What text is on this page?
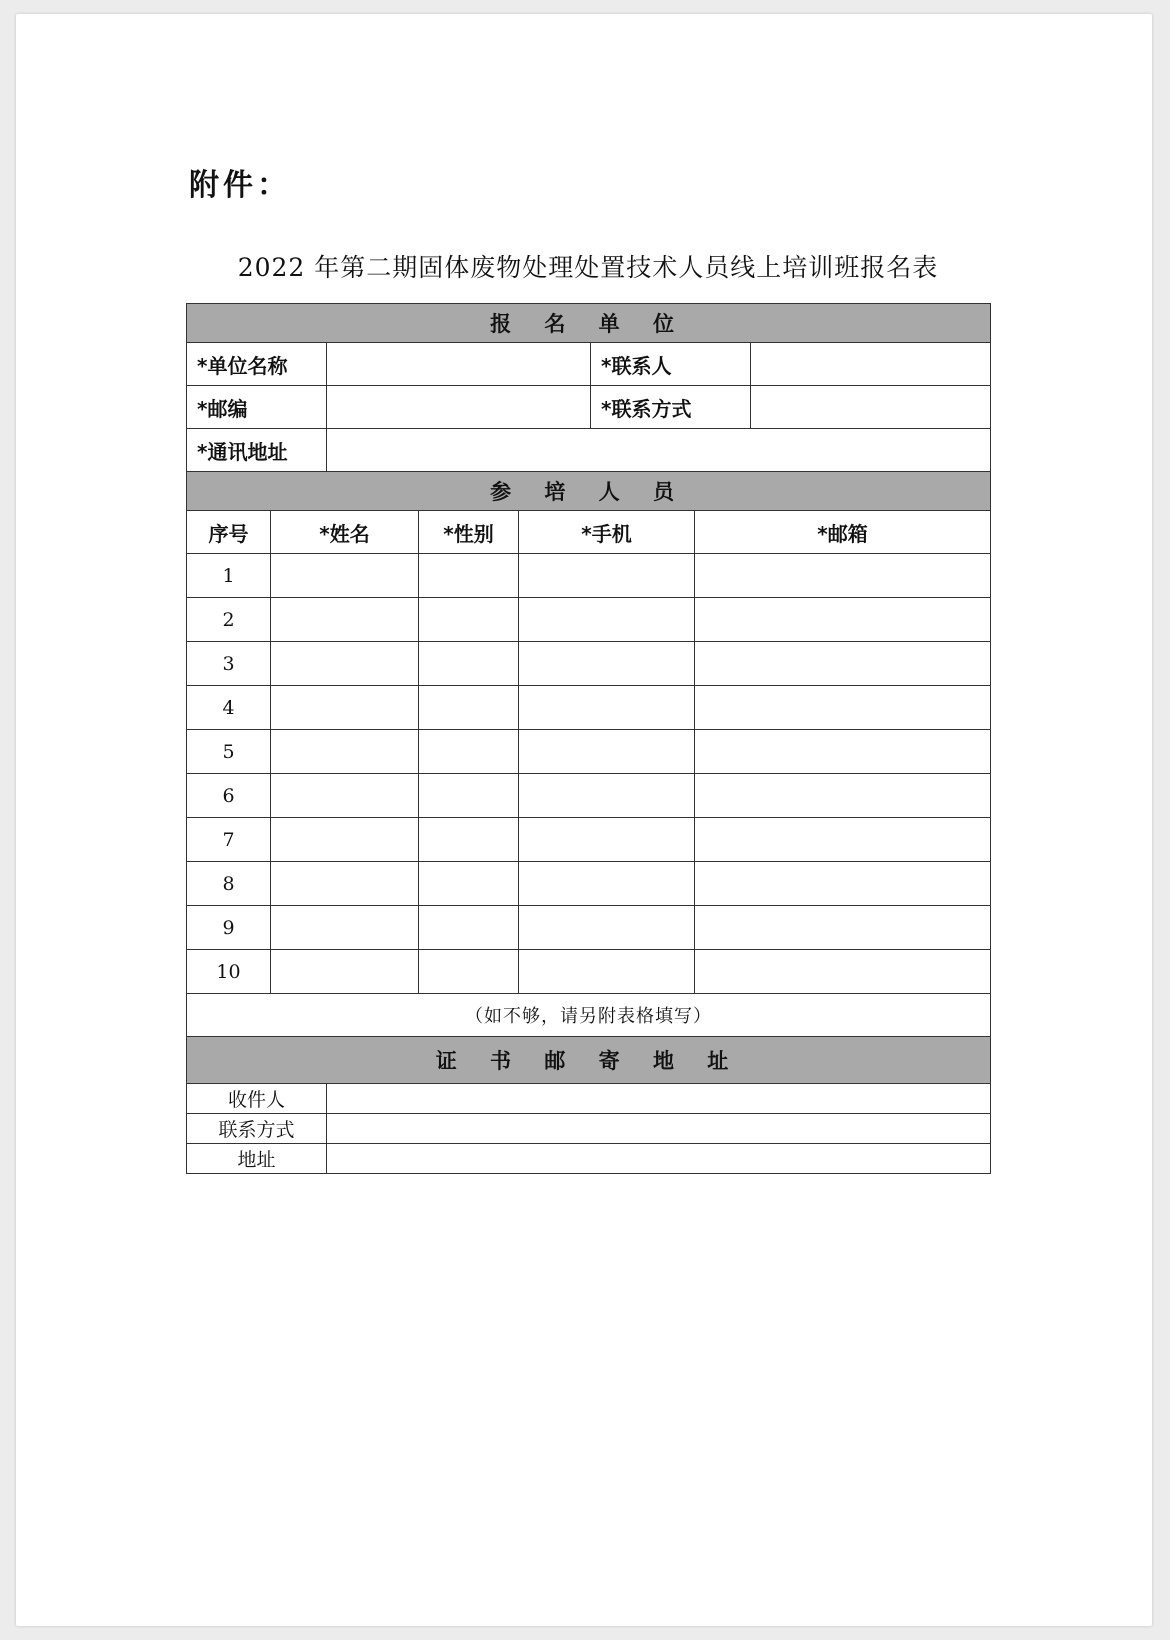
附件：
2022 年第二期固体废物处理处置技术人员线上培训班报名表
报 名 单 位							
*单位名称					*联系人		
*邮编					*联系方式		
*通讯地址							
参 培 人 员							
序号	*姓名		*性别	*手机		*邮箱	
1							
2							
3							
4							
5							
6							
7							
8							
9							
10							
（如不够，请另附表格填写）							
证 书 邮 寄 地 址							
收件人							
联系方式							
地址							
